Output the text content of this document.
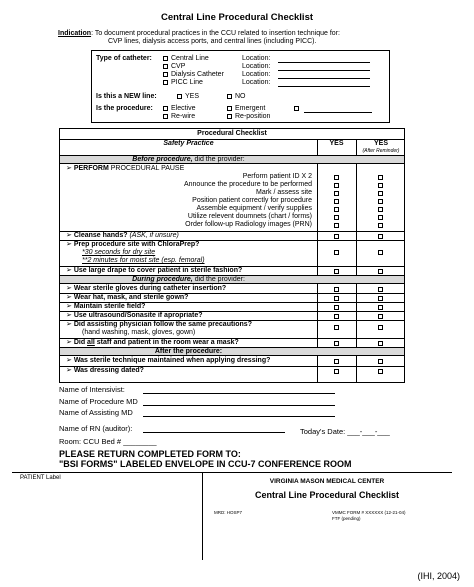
Central Line Procedural Checklist
Indication: To document procedural practices in the CCU related to insertion technique for:
CVP lines, dialysis access ports, and central lines (including PICC).
Type of catheter:	Central Line
CVP
Dialysis Catheter
PICC Line
Location:
Location:
Location:
Location:
Is this a NEW line:	YES	NO
Is the procedure:	Elective
Re-wire
Emergent
Re-position
Procedural Checklist
Safety Practice	YES	YES
(After Reminder)
Before procedure, did the provider:
➢ PERFORM PROCEDURAL PAUSE
Perform patient ID X 2
Announce the procedure to be performed
Mark / assess site
Position patient correctly for procedure
Assemble equipment / verify supplies
Utilize relevent doumnets (chart / forms)
Order follow-up Radiology images (PRN)
➢ Cleanse hands? (ASK, if unsure)
➢ Prep procedure site with ChloraPrep?
*30 seconds for dry site
**2 minutes for moist site (esp. femoral)
➢ Use large drape to cover patient in sterile fashion?
During procedure, did the provider:
➢ Wear sterile gloves during catheter insertion?
➢ Wear hat, mask, and sterile gown?
➢ Maintain sterile field?
➢ Use ultrasound/Sonasite if apropriate?
➢ Did assisting physician follow the same precautions?
(hand washing, mask, gloves, gown)
➢ Did all staff and patient in the room wear a mask?
After the procedure:
➢ Was sterile technique maintained when applying dressing?
➢ Was dressing dated?
Name of Intensivist:
Name of Procedure MD
Name of Assisting MD
Name of RN (auditor):	Today's Date: ___-___-___
Room: CCU Bed # ________
PLEASE RETURN COMPLETED FORM TO:
"BSI FORMS" LABELED ENVELOPE IN CCU-7 CONFERENCE ROOM
PATIENT Label	VIRGINIA MASON MEDICAL CENTER
Central Line Procedural Checklist
MRD: HOSP7	VMMC FORM # XXXXXX (12-21-04)
FTF (pending)
(IHI, 2004)
